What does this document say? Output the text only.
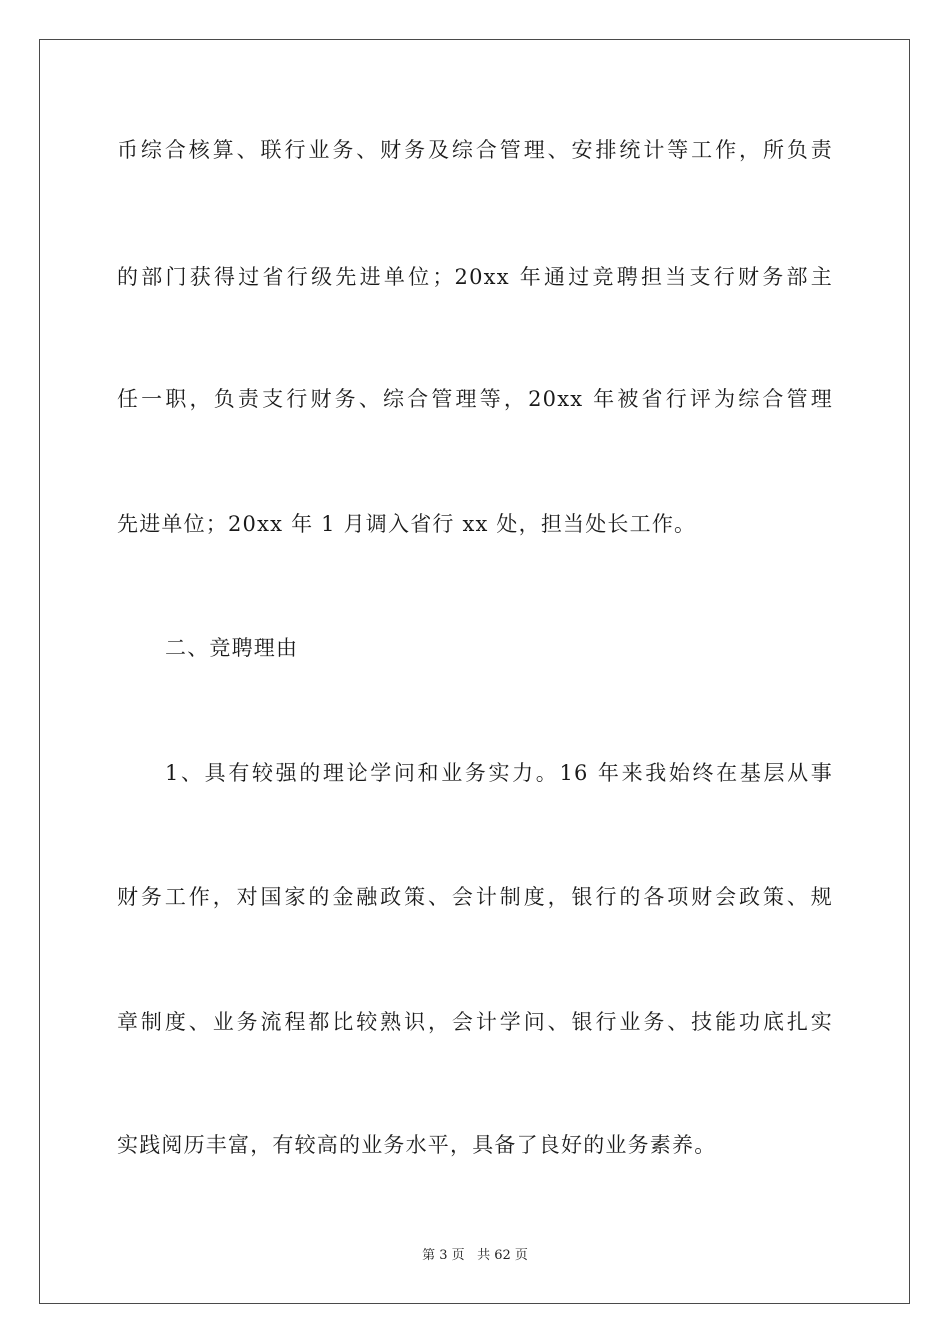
币综合核算、联行业务、财务及综合管理、安排统计等工作，所负责
的部门获得过省行级先进单位；20xx 年通过竞聘担当支行财务部主
任一职，负责支行财务、综合管理等，20xx 年被省行评为综合管理
先进单位；20xx 年 1 月调入省行 xx 处，担当处长工作。
二、竞聘理由
1、具有较强的理论学问和业务实力。16 年来我始终在基层从事
财务工作，对国家的金融政策、会计制度，银行的各项财会政策、规
章制度、业务流程都比较熟识，会计学问、银行业务、技能功底扎实
实践阅历丰富，有较高的业务水平，具备了良好的业务素养。
第 3 页 共 62 页
